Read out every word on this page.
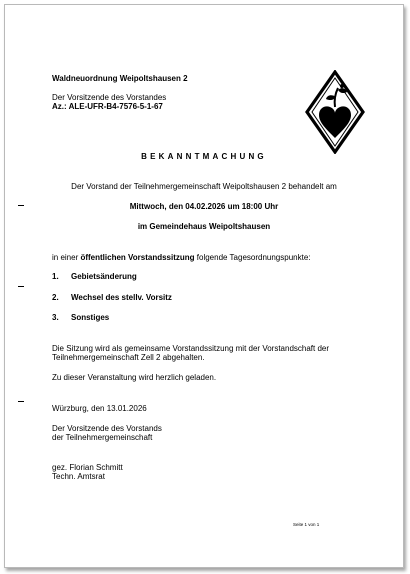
Waldneuordnung Weipoltshausen 2
Der Vorsitzende des Vorstandes
Az.: ALE-UFR-B4-7576-5-1-67
BEKANNTMACHUNG
Der Vorstand der Teilnehmergemeinschaft Weipoltshausen 2 behandelt am
Mittwoch, den 04.02.2026 um 18:00 Uhr
im Gemeindehaus Weipoltshausen
in einer öffentlichen Vorstandssitzung folgende Tagesordnungspunkte:
1. Gebietsänderung
2. Wechsel des stellv. Vorsitz
3. Sonstiges
Die Sitzung wird als gemeinsame Vorstandssitzung mit der Vorstandschaft der
Teilnehmergemeinschaft Zell 2 abgehalten.
Zu dieser Veranstaltung wird herzlich geladen.
Würzburg, den 13.01.2026
Der Vorsitzende des Vorstands
der Teilnehmergemeinschaft
gez. Florian Schmitt
Techn. Amtsrat
Seite 1 von 1
